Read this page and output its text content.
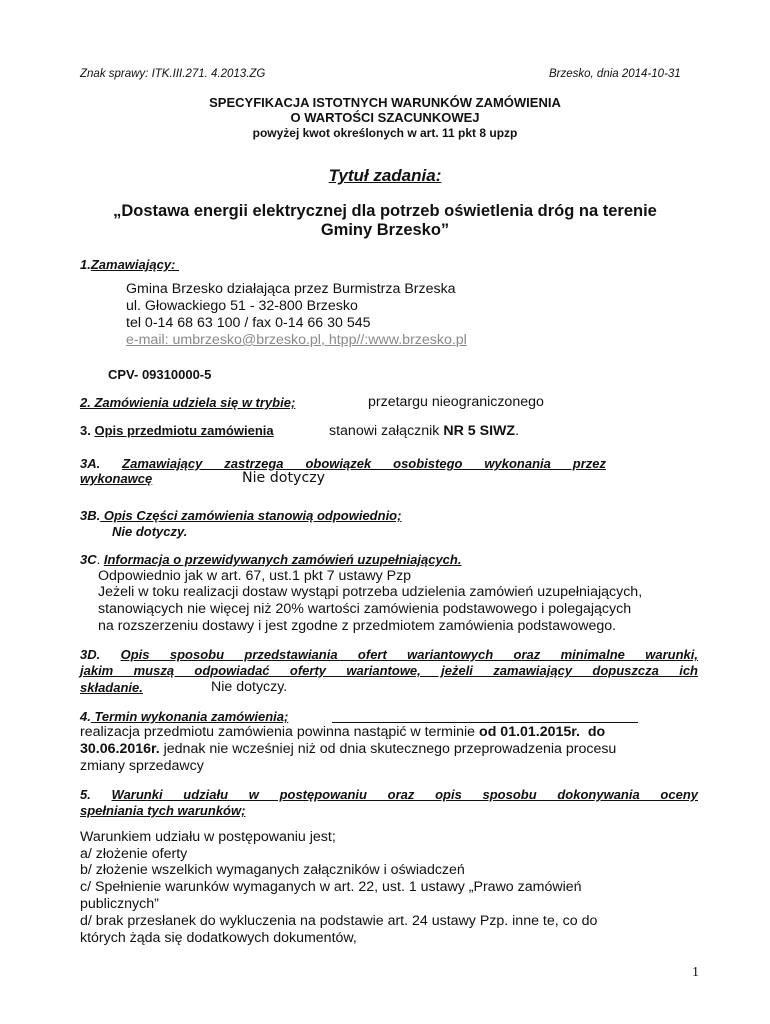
Znak sprawy: ITK.III.271. 4.2013.ZG	Brzesko, dnia 2014-10-31
SPECYFIKACJA ISTOTNYCH WARUNKÓW ZAMÓWIENIA
O WARTOŚCI SZACUNKOWEJ
powyżej kwot określonych w art. 11 pkt 8 upzp
Tytuł zadania:
„Dostawa energii elektrycznej dla potrzeb oświetlenia dróg na terenie
Gminy Brzesko”
1.Zamawiający:
Gmina Brzesko działająca przez Burmistrza Brzeska
ul. Głowackiego 51 - 32-800 Brzesko
tel 0-14 68 63 100 / fax 0-14 66 30 545
e-mail: umbrzesko@brzesko.pl, htpp//:www.brzesko.pl
CPV- 09310000-5
2. Zamówienia udziela się w trybie;	przetargu nieograniczonego
3. Opis przedmiotu zamówienia	stanowi załącznik NR 5 SIWZ.
3A. Zamawiający zastrzega obowiązek osobistego wykonania przez
wykonawcę	Nie dotyczy
3B. Opis Części zamówienia stanowią odpowiednio;
Nie dotyczy.
3C. Informacja o przewidywanych zamówień uzupełniających.
Odpowiednio jak w art. 67, ust.1 pkt 7 ustawy Pzp
Jeżeli w toku realizacji dostaw wystąpi potrzeba udzielenia zamówień uzupełniających,
stanowiących nie więcej niż 20% wartości zamówienia podstawowego i polegających
na rozszerzeniu dostawy i jest zgodne z przedmiotem zamówienia podstawowego.
3D. Opis sposobu przedstawiania ofert wariantowych oraz minimalne warunki,
jakim muszą odpowiadać oferty wariantowe, jeżeli zamawiający dopuszcza ich
składanie.	Nie dotyczy.
4. Termin wykonania zamówienia;
realizacja przedmiotu zamówienia powinna nastąpić w terminie od 01.01.2015r.  do
30.06.2016r. jednak nie wcześniej niż od dnia skutecznego przeprowadzenia procesu
zmiany sprzedawcy
5. Warunki udziału w postępowaniu oraz opis sposobu dokonywania oceny
spełniania tych warunków;
Warunkiem udziału w postępowaniu jest;
a/ złożenie oferty
b/ złożenie wszelkich wymaganych załączników i oświadczeń
c/ Spełnienie warunków wymaganych w art. 22, ust. 1 ustawy „Prawo zamówień
publicznych”
d/ brak przesłanek do wykluczenia na podstawie art. 24 ustawy Pzp. inne te, co do
których żąda się dodatkowych dokumentów,
1
